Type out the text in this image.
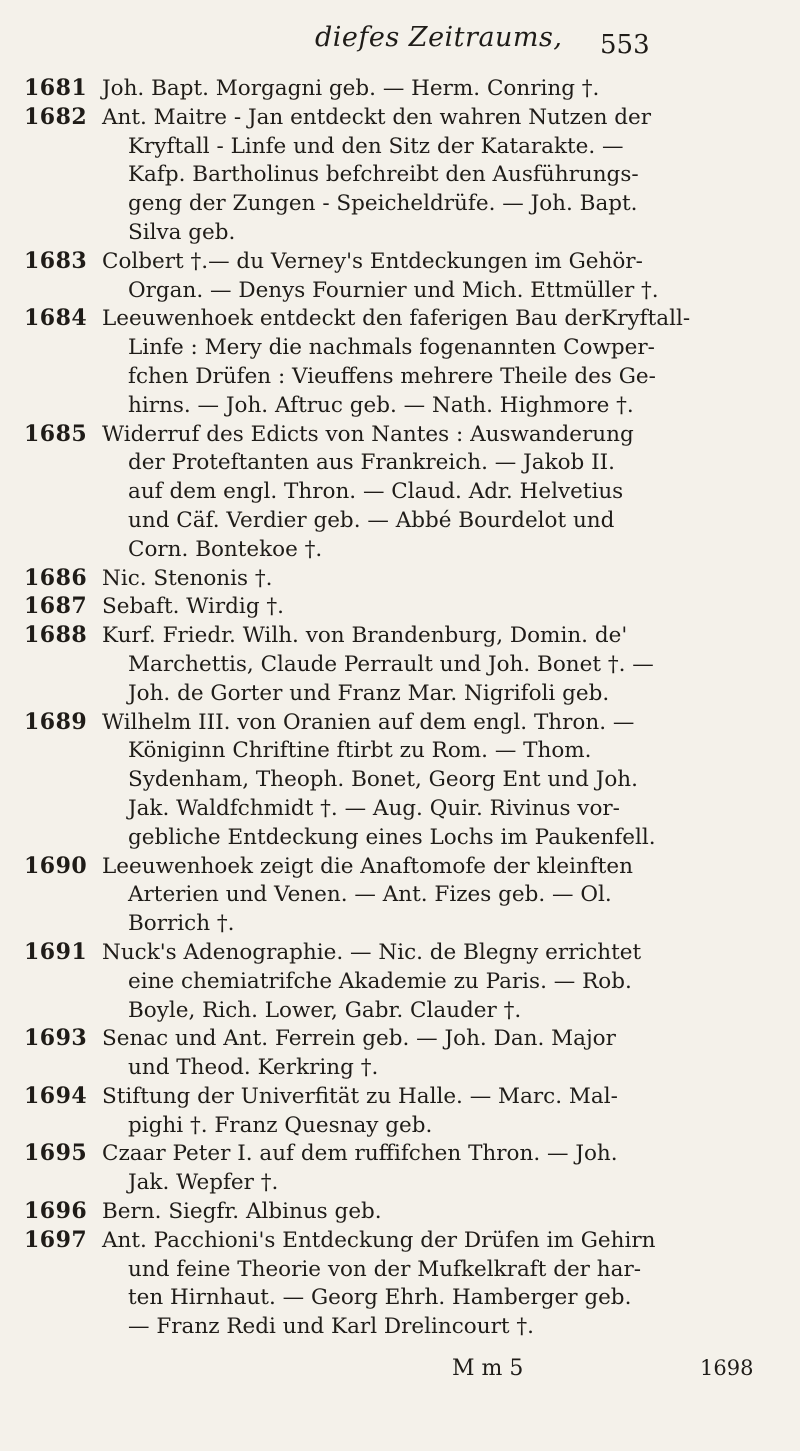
diefes Zeitraums, 553
1681 Joh. Bapt. Morgagni geb. — Herm. Conring †.
1682 Ant. Maitre - Jan entdeckt den wahren Nutzen der
Kryftall - Linfe und den Sitz der Katarakte. —
Kafp. Bartholinus befchreibt den Ausführungs-
geng der Zungen - Speicheldrüfe. — Joh. Bapt.
Silva geb.
1683 Colbert †.— du Verney's Entdeckungen im Gehör-
Organ. — Denys Fournier und Mich. Ettmüller †.
1684 Leeuwenhoek entdeckt den faferigen Bau derKryftall-
Linfe : Mery die nachmals fogenannten Cowper-
fchen Drüfen : Vieuffens mehrere Theile des Ge-
hirns. — Joh. Aftruc geb. — Nath. Highmore †.
1685 Widerruf des Edicts von Nantes : Auswanderung
der Proteftanten aus Frankreich. — Jakob II.
auf dem engl. Thron. — Claud. Adr. Helvetius
und Cäf. Verdier geb. — Abbé Bourdelot und
Corn. Bontekoe †.
1686 Nic. Stenonis †.
1687 Sebaft. Wirdig †.
1688 Kurf. Friedr. Wilh. von Brandenburg, Domin. de'
Marchettis, Claude Perrault und Joh. Bonet †. —
Joh. de Gorter und Franz Mar. Nigrifoli geb.
1689 Wilhelm III. von Oranien auf dem engl. Thron. —
Königinn Chriftine ftirbt zu Rom. — Thom.
Sydenham, Theoph. Bonet, Georg Ent und Joh.
Jak. Waldfchmidt †. — Aug. Quir. Rivinus vor-
gebliche Entdeckung eines Lochs im Paukenfell.
1690 Leeuwenhoek zeigt die Anaftomofe der kleinften
Arterien und Venen. — Ant. Fizes geb. — Ol.
Borrich †.
1691 Nuck's Adenographie. — Nic. de Blegny errichtet
eine chemiatrifche Akademie zu Paris. — Rob.
Boyle, Rich. Lower, Gabr. Clauder †.
1693 Senac und Ant. Ferrein geb. — Joh. Dan. Major
und Theod. Kerkring †.
1694 Stiftung der Univerfität zu Halle. — Marc. Mal-
pighi †. Franz Quesnay geb.
1695 Czaar Peter I. auf dem ruffifchen Thron. — Joh.
Jak. Wepfer †.
1696 Bern. Siegfr. Albinus geb.
1697 Ant. Pacchioni's Entdeckung der Drüfen im Gehirn
und feine Theorie von der Mufkelkraft der har-
ten Hirnhaut. — Georg Ehrh. Hamberger geb.
— Franz Redi und Karl Drelincourt †.
M m 5	1698
